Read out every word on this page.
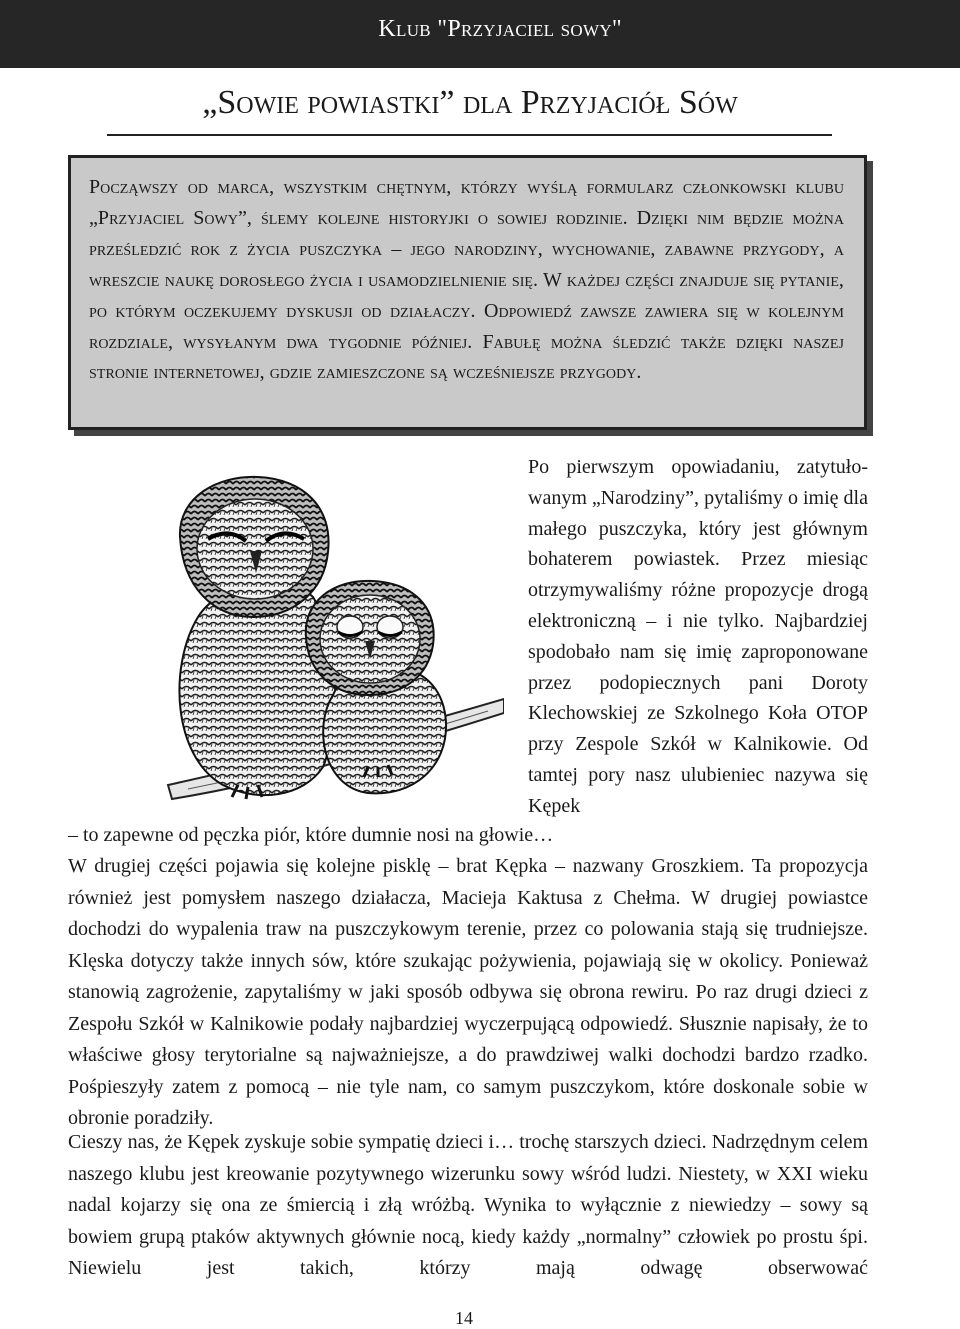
Klub "Przyjaciel sowy"
„Sowie powiastki” dla Przyjaciół Sów

Począwszy od marca, wszystkim chętnym, którzy wyślą formularz członkowski klubu „Przyjaciel Sowy”, ślemy kolejne historyjki o sowiej rodzinie. Dzięki nim będzie można prześledzić rok z życia puszczyka – jego narodziny, wychowanie, zabawne przygody, a wreszcie naukę dorosłego życia i usamodzielnienie się. W każdej części znajduje się pytanie, po którym oczekujemy dyskusji od działaczy. Odpowiedź zawsze zawiera się w kolejnym rozdziale, wysyłanym dwa tygodnie później. Fabułę można śledzić także dzięki naszej stronie internetowej, gdzie zamieszczone są wcześniejsze przygody.

Po pierwszym opowiadaniu, zatytułowanym „Narodziny”, pytaliśmy o imię dla małego puszczyka, który jest głównym bohaterem powiastek. Przez miesiąc otrzymywaliśmy różne propozycje drogą elektroniczną – i nie tylko. Najbardziej spodobało nam się imię zaproponowane przez podopiecznych pani Doroty Klechowskiej ze Szkolnego Koła OTOP przy Zespole Szkół w Kalnikowie. Od tamtej pory nasz ulubieniec nazywa się Kępek

– to zapewne od pęczka piór, które dumnie nosi na głowie…

W drugiej części pojawia się kolejne pisklę – brat Kępka – nazwany Groszkiem. Ta propozycja również jest pomysłem naszego działacza, Macieja Kaktusa z Chełma. W drugiej powiastce dochodzi do wypalenia traw na puszczykowym terenie, przez co polowania stają się trudniejsze. Klęska dotyczy także innych sów, które szukając pożywienia, pojawiają się w okolicy. Ponieważ stanowią zagrożenie, zapytaliśmy w jaki sposób odbywa się obrona rewiru. Po raz drugi dzieci z Zespołu Szkół w Kalnikowie podały najbardziej wyczerpującą odpowiedź. Słusznie napisały, że to właściwe głosy terytorialne są najważniejsze, a do prawdziwej walki dochodzi bardzo rzadko. Pośpieszyły zatem z pomocą – nie tyle nam, co samym puszczykom, które doskonale sobie w obronie poradziły.

Cieszy nas, że Kępek zyskuje sobie sympatię dzieci i… trochę starszych dzieci. Nadrzędnym celem naszego klubu jest kreowanie pozytywnego wizerunku sowy wśród ludzi. Niestety, w XXI wieku nadal kojarzy się ona ze śmiercią i złą wróżbą. Wynika to wyłącznie z niewiedzy – sowy są bowiem grupą ptaków aktywnych głównie nocą, kiedy każdy „normalny” człowiek po prostu śpi. Niewielu jest takich, którzy mają odwagę obserwować

14
